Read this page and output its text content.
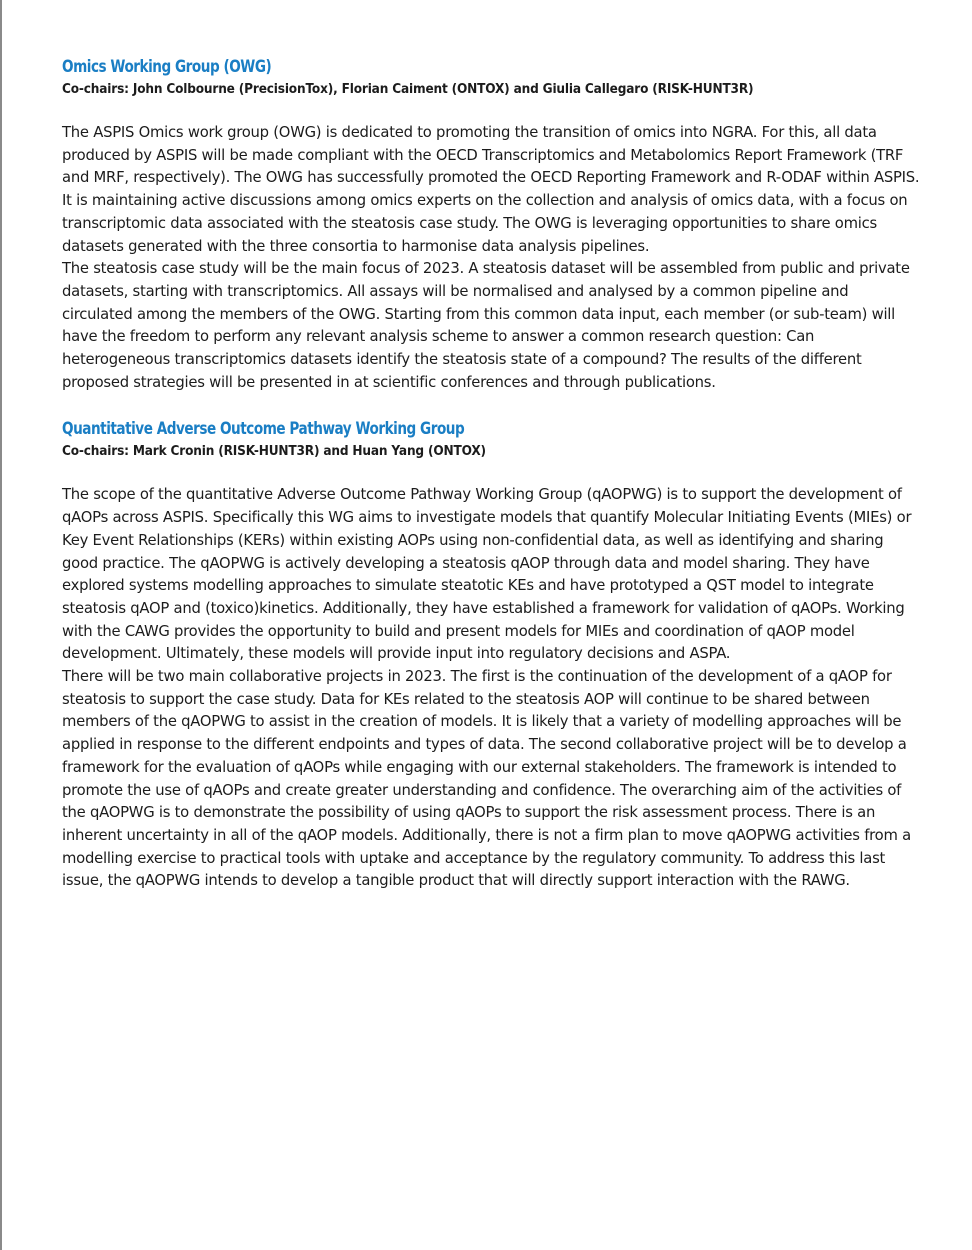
Omics Working Group (OWG)
Co-chairs: John Colbourne (PrecisionTox), Florian Caiment (ONTOX) and Giulia Callegaro (RISK-HUNT3R)

The ASPIS Omics work group (OWG) is dedicated to promoting the transition of omics into NGRA. For this, all data produced by ASPIS will be made compliant with the OECD Transcriptomics and Metabolomics Report Framework (TRF and MRF, respectively). The OWG has successfully promoted the OECD Reporting Framework and R-ODAF within ASPIS. It is maintaining active discussions among omics experts on the collection and analysis of omics data, with a focus on transcriptomic data associated with the steatosis case study. The OWG is leveraging opportunities to share omics datasets generated with the three consortia to harmonise data analysis pipelines.

The steatosis case study will be the main focus of 2023. A steatosis dataset will be assembled from public and private datasets, starting with transcriptomics. All assays will be normalised and analysed by a common pipeline and circulated among the members of the OWG. Starting from this common data input, each member (or sub-team) will have the freedom to perform any relevant analysis scheme to answer a common research question: Can heterogeneous transcriptomics datasets identify the steatosis state of a compound? The results of the different proposed strategies will be presented in at scientific conferences and through publications.

Quantitative Adverse Outcome Pathway Working Group
Co-chairs: Mark Cronin (RISK-HUNT3R) and Huan Yang (ONTOX)

The scope of the quantitative Adverse Outcome Pathway Working Group (qAOPWG) is to support the development of qAOPs across ASPIS. Specifically this WG aims to investigate models that quantify Molecular Initiating Events (MIEs) or Key Event Relationships (KERs) within existing AOPs using non-confidential data, as well as identifying and sharing good practice. The qAOPWG is actively developing a steatosis qAOP through data and model sharing. They have explored systems modelling approaches to simulate steatotic KEs and have prototyped a QST model to integrate steatosis qAOP and (toxico)kinetics. Additionally, they have established a framework for validation of qAOPs. Working with the CAWG provides the opportunity to build and present models for MIEs and coordination of qAOP model development. Ultimately, these models will provide input into regulatory decisions and ASPA.

There will be two main collaborative projects in 2023. The first is the continuation of the development of a qAOP for steatosis to support the case study. Data for KEs related to the steatosis AOP will continue to be shared between members of the qAOPWG to assist in the creation of models. It is likely that a variety of modelling approaches will be applied in response to the different endpoints and types of data. The second collaborative project will be to develop a framework for the evaluation of qAOPs while engaging with our external stakeholders. The framework is intended to promote the use of qAOPs and create greater understanding and confidence. The overarching aim of the activities of the qAOPWG is to demonstrate the possibility of using qAOPs to support the risk assessment process. There is an inherent uncertainty in all of the qAOP models. Additionally, there is not a firm plan to move qAOPWG activities from a modelling exercise to practical tools with uptake and acceptance by the regulatory community. To address this last issue, the qAOPWG intends to develop a tangible product that will directly support interaction with the RAWG.
